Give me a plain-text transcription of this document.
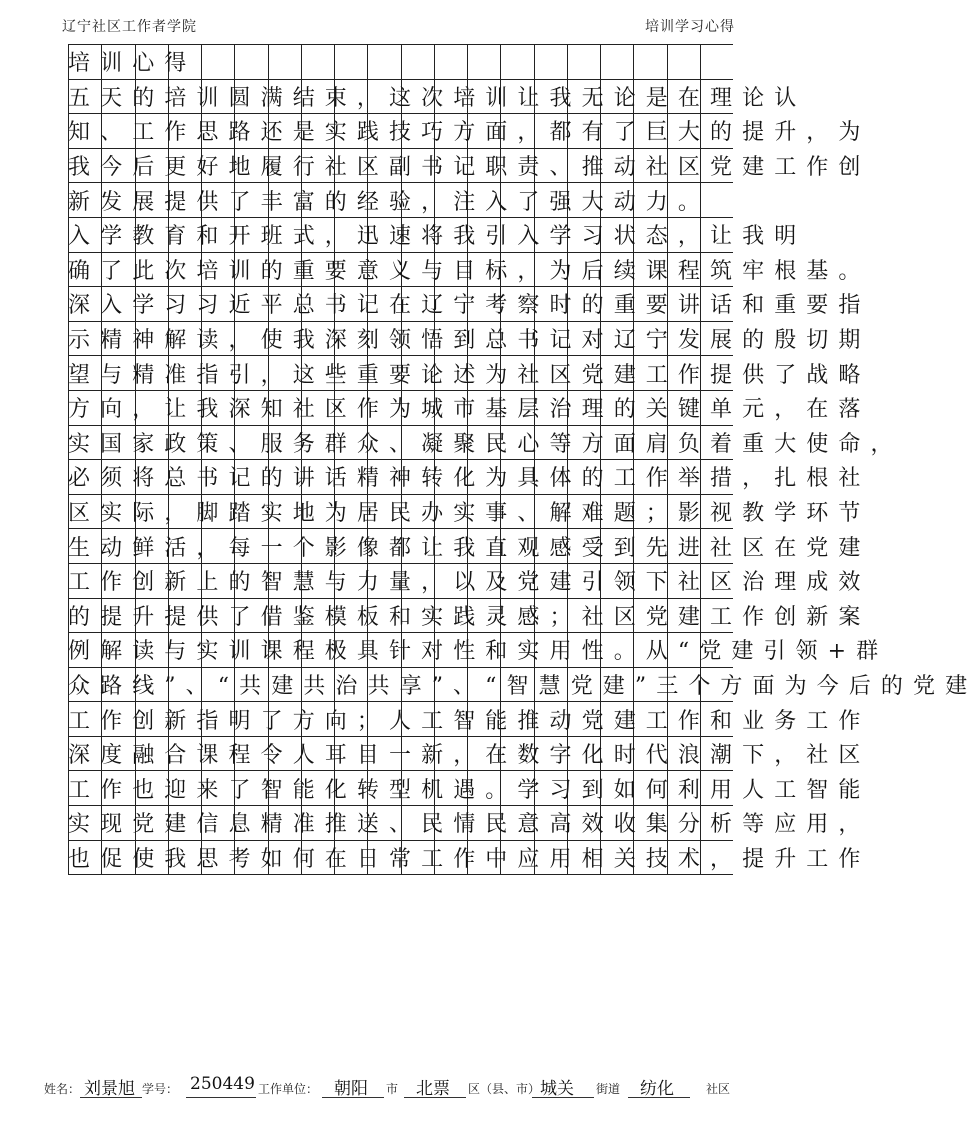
辽宁社区工作者学院	培训学习心得
培训心得
五天的培训圆满结束，这次培训让我无论是在理论认
知、工作思路还是实践技巧方面，都有了巨大的提升，为
我今后更好地履行社区副书记职责、推动社区党建工作创
新发展提供了丰富的经验，注入了强大动力。
入学教育和开班式，迅速将我引入学习状态，让我明
确了此次培训的重要意义与目标，为后续课程筑牢根基。
深入学习习近平总书记在辽宁考察时的重要讲话和重要指
示精神解读，使我深刻领悟到总书记对辽宁发展的殷切期
望与精准指引，这些重要论述为社区党建工作提供了战略
方向，让我深知社区作为城市基层治理的关键单元，在落
实国家政策、服务群众、凝聚民心等方面肩负着重大使命，
必须将总书记的讲话精神转化为具体的工作举措，扎根社
区实际，脚踏实地为居民办实事、解难题；影视教学环节
生动鲜活，每一个影像都让我直观感受到先进社区在党建
工作创新上的智慧与力量，以及党建引领下社区治理成效
的提升提供了借鉴模板和实践灵感；社区党建工作创新案
例解读与实训课程极具针对性和实用性。从“党建引领+群
众路线”、“共建共治共享”、“智慧党建”三个方面为今后的党建
工作创新指明了方向；人工智能推动党建工作和业务工作
深度融合课程令人耳目一新，在数字化时代浪潮下，社区
工作也迎来了智能化转型机遇。学习到如何利用人工智能
实现党建信息精准推送、民情民意高效收集分析等应用，
也促使我思考如何在日常工作中应用相关技术，提升工作
姓名： 刘景旭 学号： 250449 工作单位： 朝阳 市 北票 区（县、市） 城关 街道 纺化	社区
